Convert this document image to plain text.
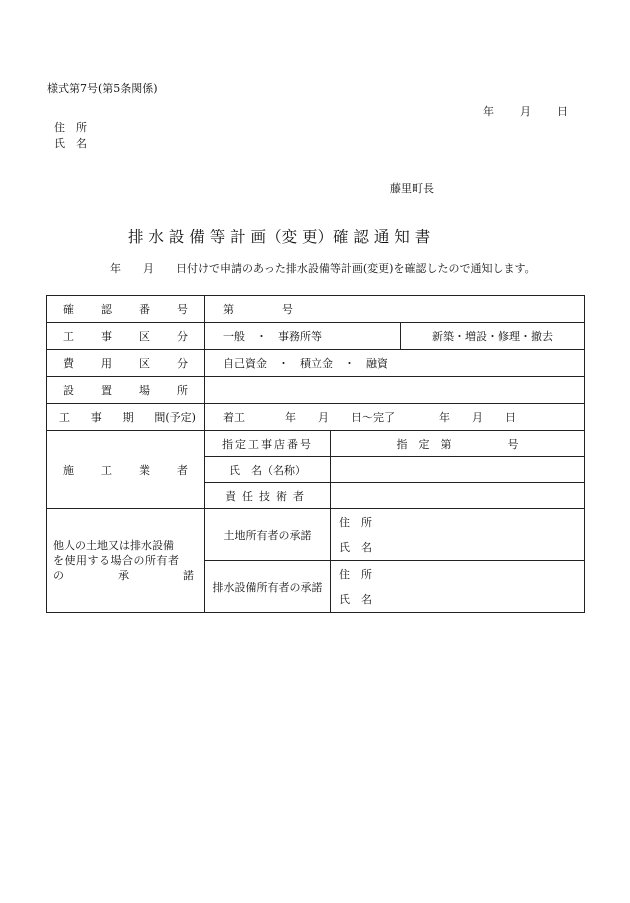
様式第7号(第5条関係)
年 月 日
住　所
氏　名
藤里町長
排 水 設 備 等 計 画（変 更）確 認 通 知 書
年　　月　　日付けで申請のあった排水設備等計画(変更)を確認したので通知します。
確 認 番 号	第 号		

工 事 区 分	一般　・　事務所等		新築・増設・修理・撤去

費 用 区 分	自己資金　・　積立金　・　融資		

設 置 場 所			

工 事 期 間(予定)	着工 年 月 日〜完了 年 月 日		

施 工 業 者	指定工事店番号	指　定　第 号	
	氏　名（名称）		
	責任技術者		

他人の土地又は排水設備
を使用する場合の所有者
の 承 諾	土地所有者の承諾	住　所	
		氏　名	
	排水設備所有者の承諾	住　所	
		氏　名	
